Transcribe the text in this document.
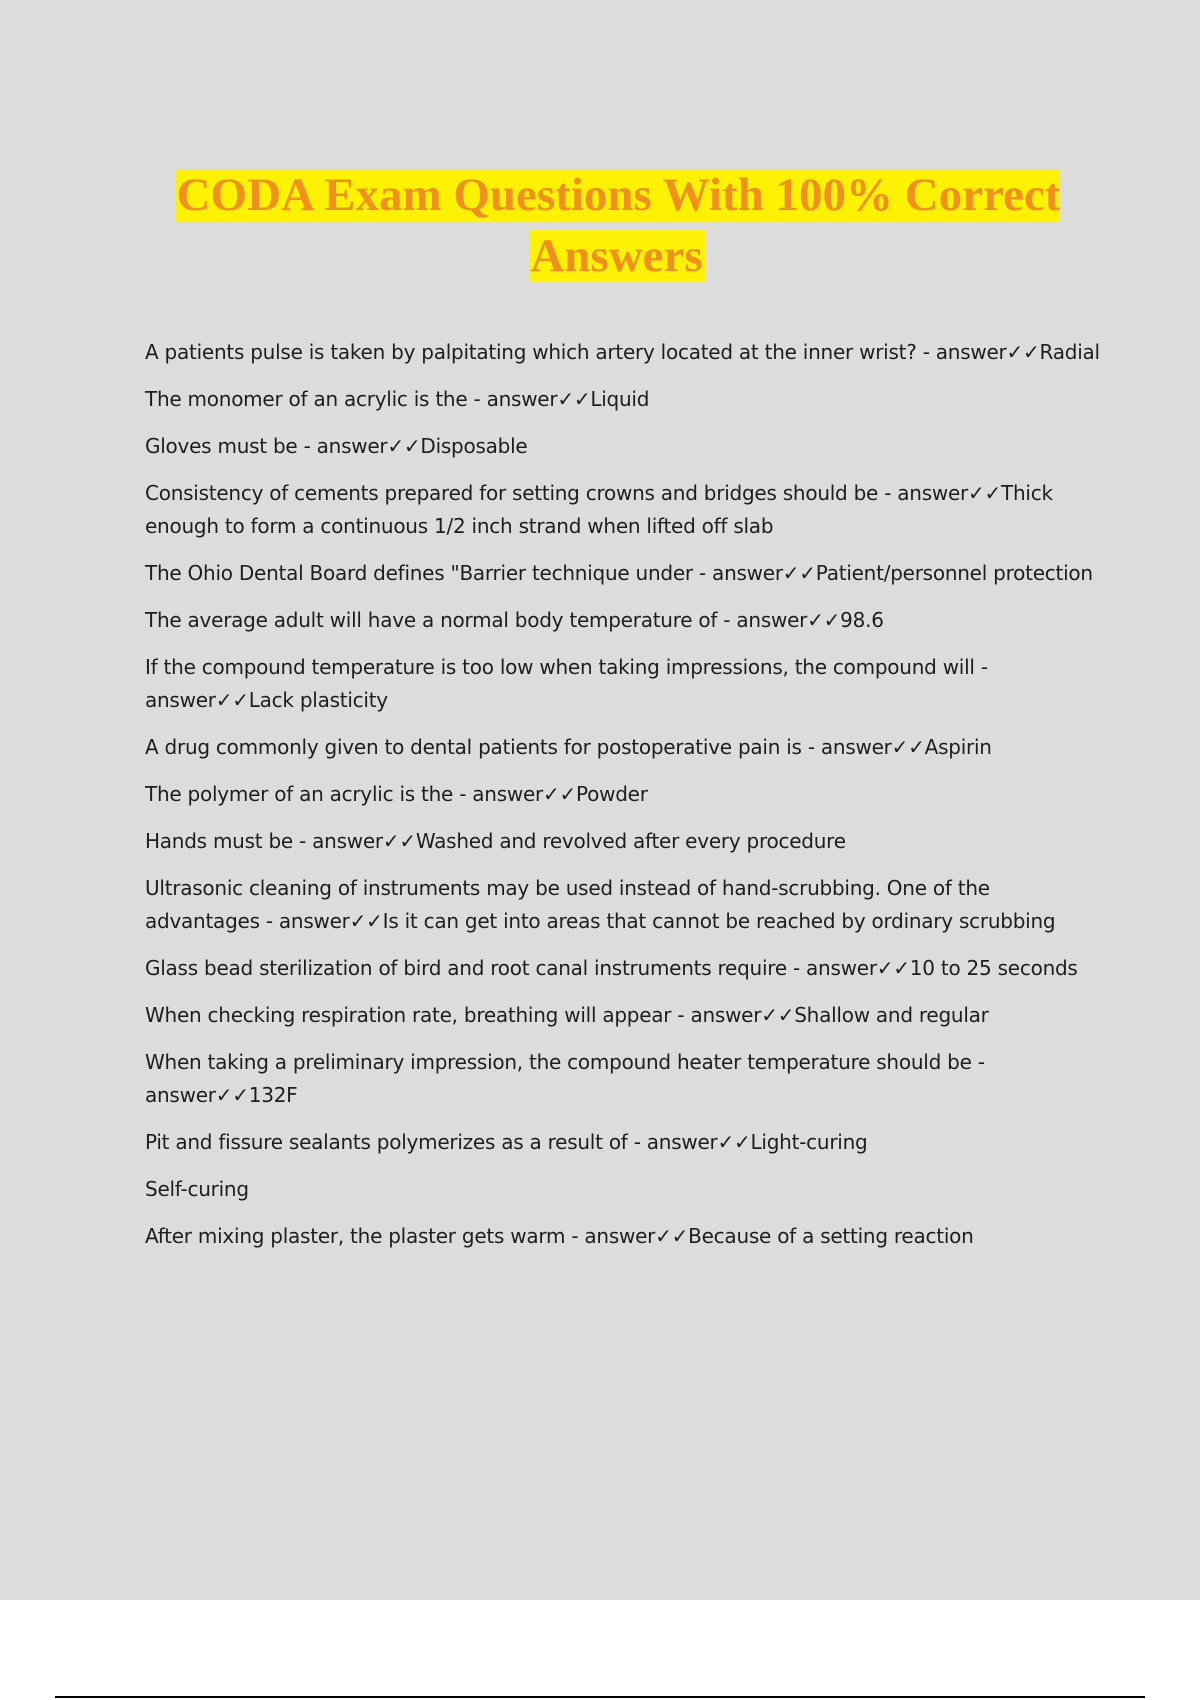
CODA Exam Questions With 100% Correct Answers

A patients pulse is taken by palpitating which artery located at the inner wrist? - answer✓✓Radial

The monomer of an acrylic is the - answer✓✓Liquid

Gloves must be - answer✓✓Disposable

Consistency of cements prepared for setting crowns and bridges should be - answer✓✓Thick enough to form a continuous 1/2 inch strand when lifted off slab

The Ohio Dental Board defines "Barrier technique under - answer✓✓Patient/personnel protection

The average adult will have a normal body temperature of - answer✓✓98.6

If the compound temperature is too low when taking impressions, the compound will - answer✓✓Lack plasticity

A drug commonly given to dental patients for postoperative pain is - answer✓✓Aspirin

The polymer of an acrylic is the - answer✓✓Powder

Hands must be - answer✓✓Washed and revolved after every procedure

Ultrasonic cleaning of instruments may be used instead of hand-scrubbing. One of the advantages - answer✓✓Is it can get into areas that cannot be reached by ordinary scrubbing

Glass bead sterilization of bird and root canal instruments require - answer✓✓10 to 25 seconds

When checking respiration rate, breathing will appear - answer✓✓Shallow and regular

When taking a preliminary impression, the compound heater temperature should be - answer✓✓132F

Pit and fissure sealants polymerizes as a result of - answer✓✓Light-curing

Self-curing

After mixing plaster, the plaster gets warm - answer✓✓Because of a setting reaction
